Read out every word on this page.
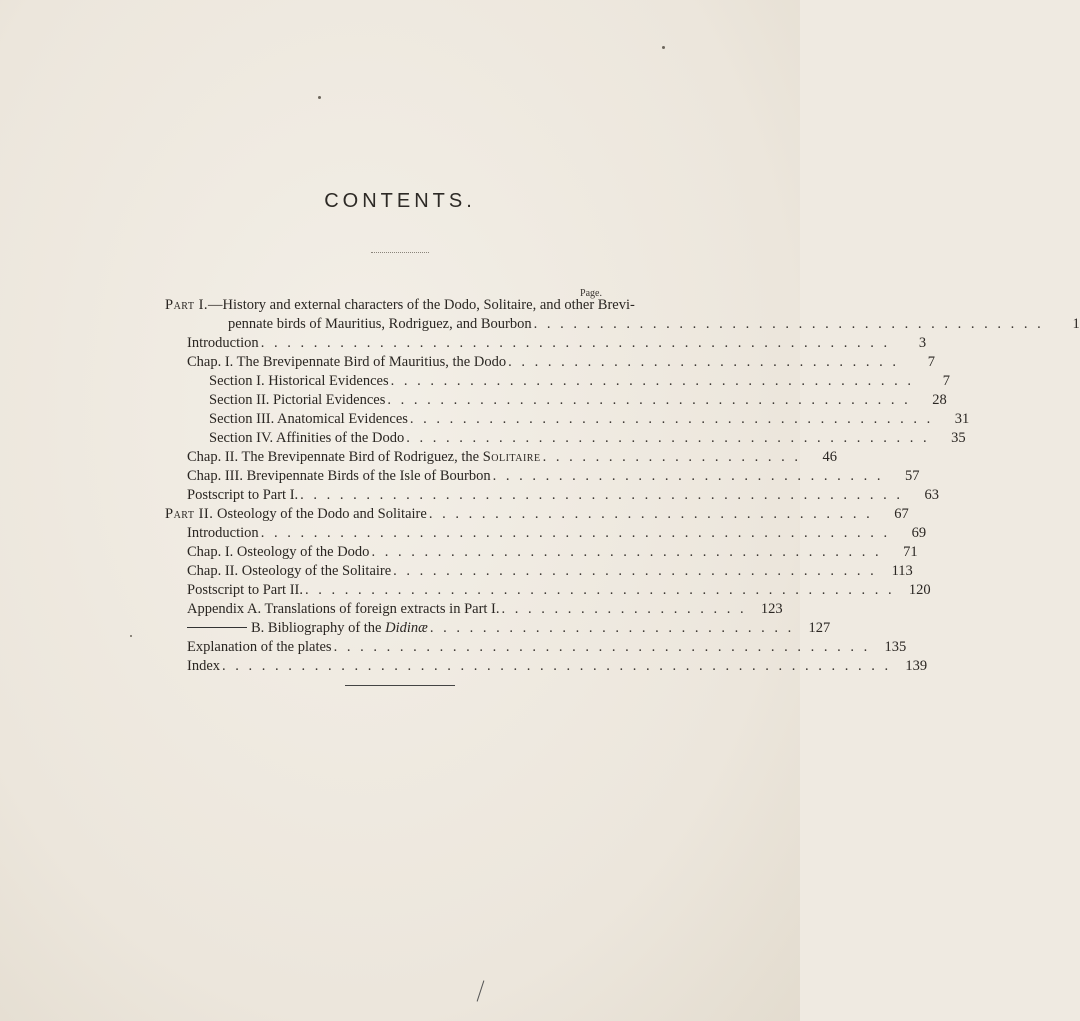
CONTENTS.
Page.
Part I.—History and external characters of the Dodo, Solitaire, and other Brevi-
pennate birds of Mauritius, Rodriguez, and Bourbon . . . . . . . . . . . . . . . . . . . . . . . . . . . . . . . . . . . . . . .	1
Introduction . . . . . . . . . . . . . . . . . . . . . . . . . . . . . . . . . . . . . . . . . . . . . . . .	3
Chap. I. The Brevipennate Bird of Mauritius, the Dodo . . . . . . . . . . . . . . . . . . . . . . . . . . . . . .	7
Section I. Historical Evidences . . . . . . . . . . . . . . . . . . . . . . . . . . . . . . . . . . . . . . . .	7
Section II. Pictorial Evidences . . . . . . . . . . . . . . . . . . . . . . . . . . . . . . . . . . . . . . . .	28
Section III. Anatomical Evidences . . . . . . . . . . . . . . . . . . . . . . . . . . . . . . . . . . . . . . . .	31
Section IV. Affinities of the Dodo . . . . . . . . . . . . . . . . . . . . . . . . . . . . . . . . . . . . . . . .	35
Chap. II. The Brevipennate Bird of Rodriguez, the Solitaire . . . . . . . . . . . . . . . . . . . .	46
Chap. III. Brevipennate Birds of the Isle of Bourbon . . . . . . . . . . . . . . . . . . . . . . . . . . . . . .	57
Postscript to Part I. . . . . . . . . . . . . . . . . . . . . . . . . . . . . . . . . . . . . . . . . . . . . . .	63
Part II. Osteology of the Dodo and Solitaire . . . . . . . . . . . . . . . . . . . . . . . . . . . . . . . . . .	67
Introduction . . . . . . . . . . . . . . . . . . . . . . . . . . . . . . . . . . . . . . . . . . . . . . . .	69
Chap. I. Osteology of the Dodo . . . . . . . . . . . . . . . . . . . . . . . . . . . . . . . . . . . . . . .	71
Chap. II. Osteology of the Solitaire . . . . . . . . . . . . . . . . . . . . . . . . . . . . . . . . . . . . .	113
Postscript to Part II. . . . . . . . . . . . . . . . . . . . . . . . . . . . . . . . . . . . . . . . . . . . . . 120
Appendix A. Translations of foreign extracts in Part I. . . . . . . . . . . . . . . . . . . . 123
B. Bibliography of the Didinæ . . . . . . . . . . . . . . . . . . . . . . . . . . . . 127
Explanation of the plates . . . . . . . . . . . . . . . . . . . . . . . . . . . . . . . . . . . . . . . . . 135
Index . . . . . . . . . . . . . . . . . . . . . . . . . . . . . . . . . . . . . . . . . . . . . . . . . . . 139
